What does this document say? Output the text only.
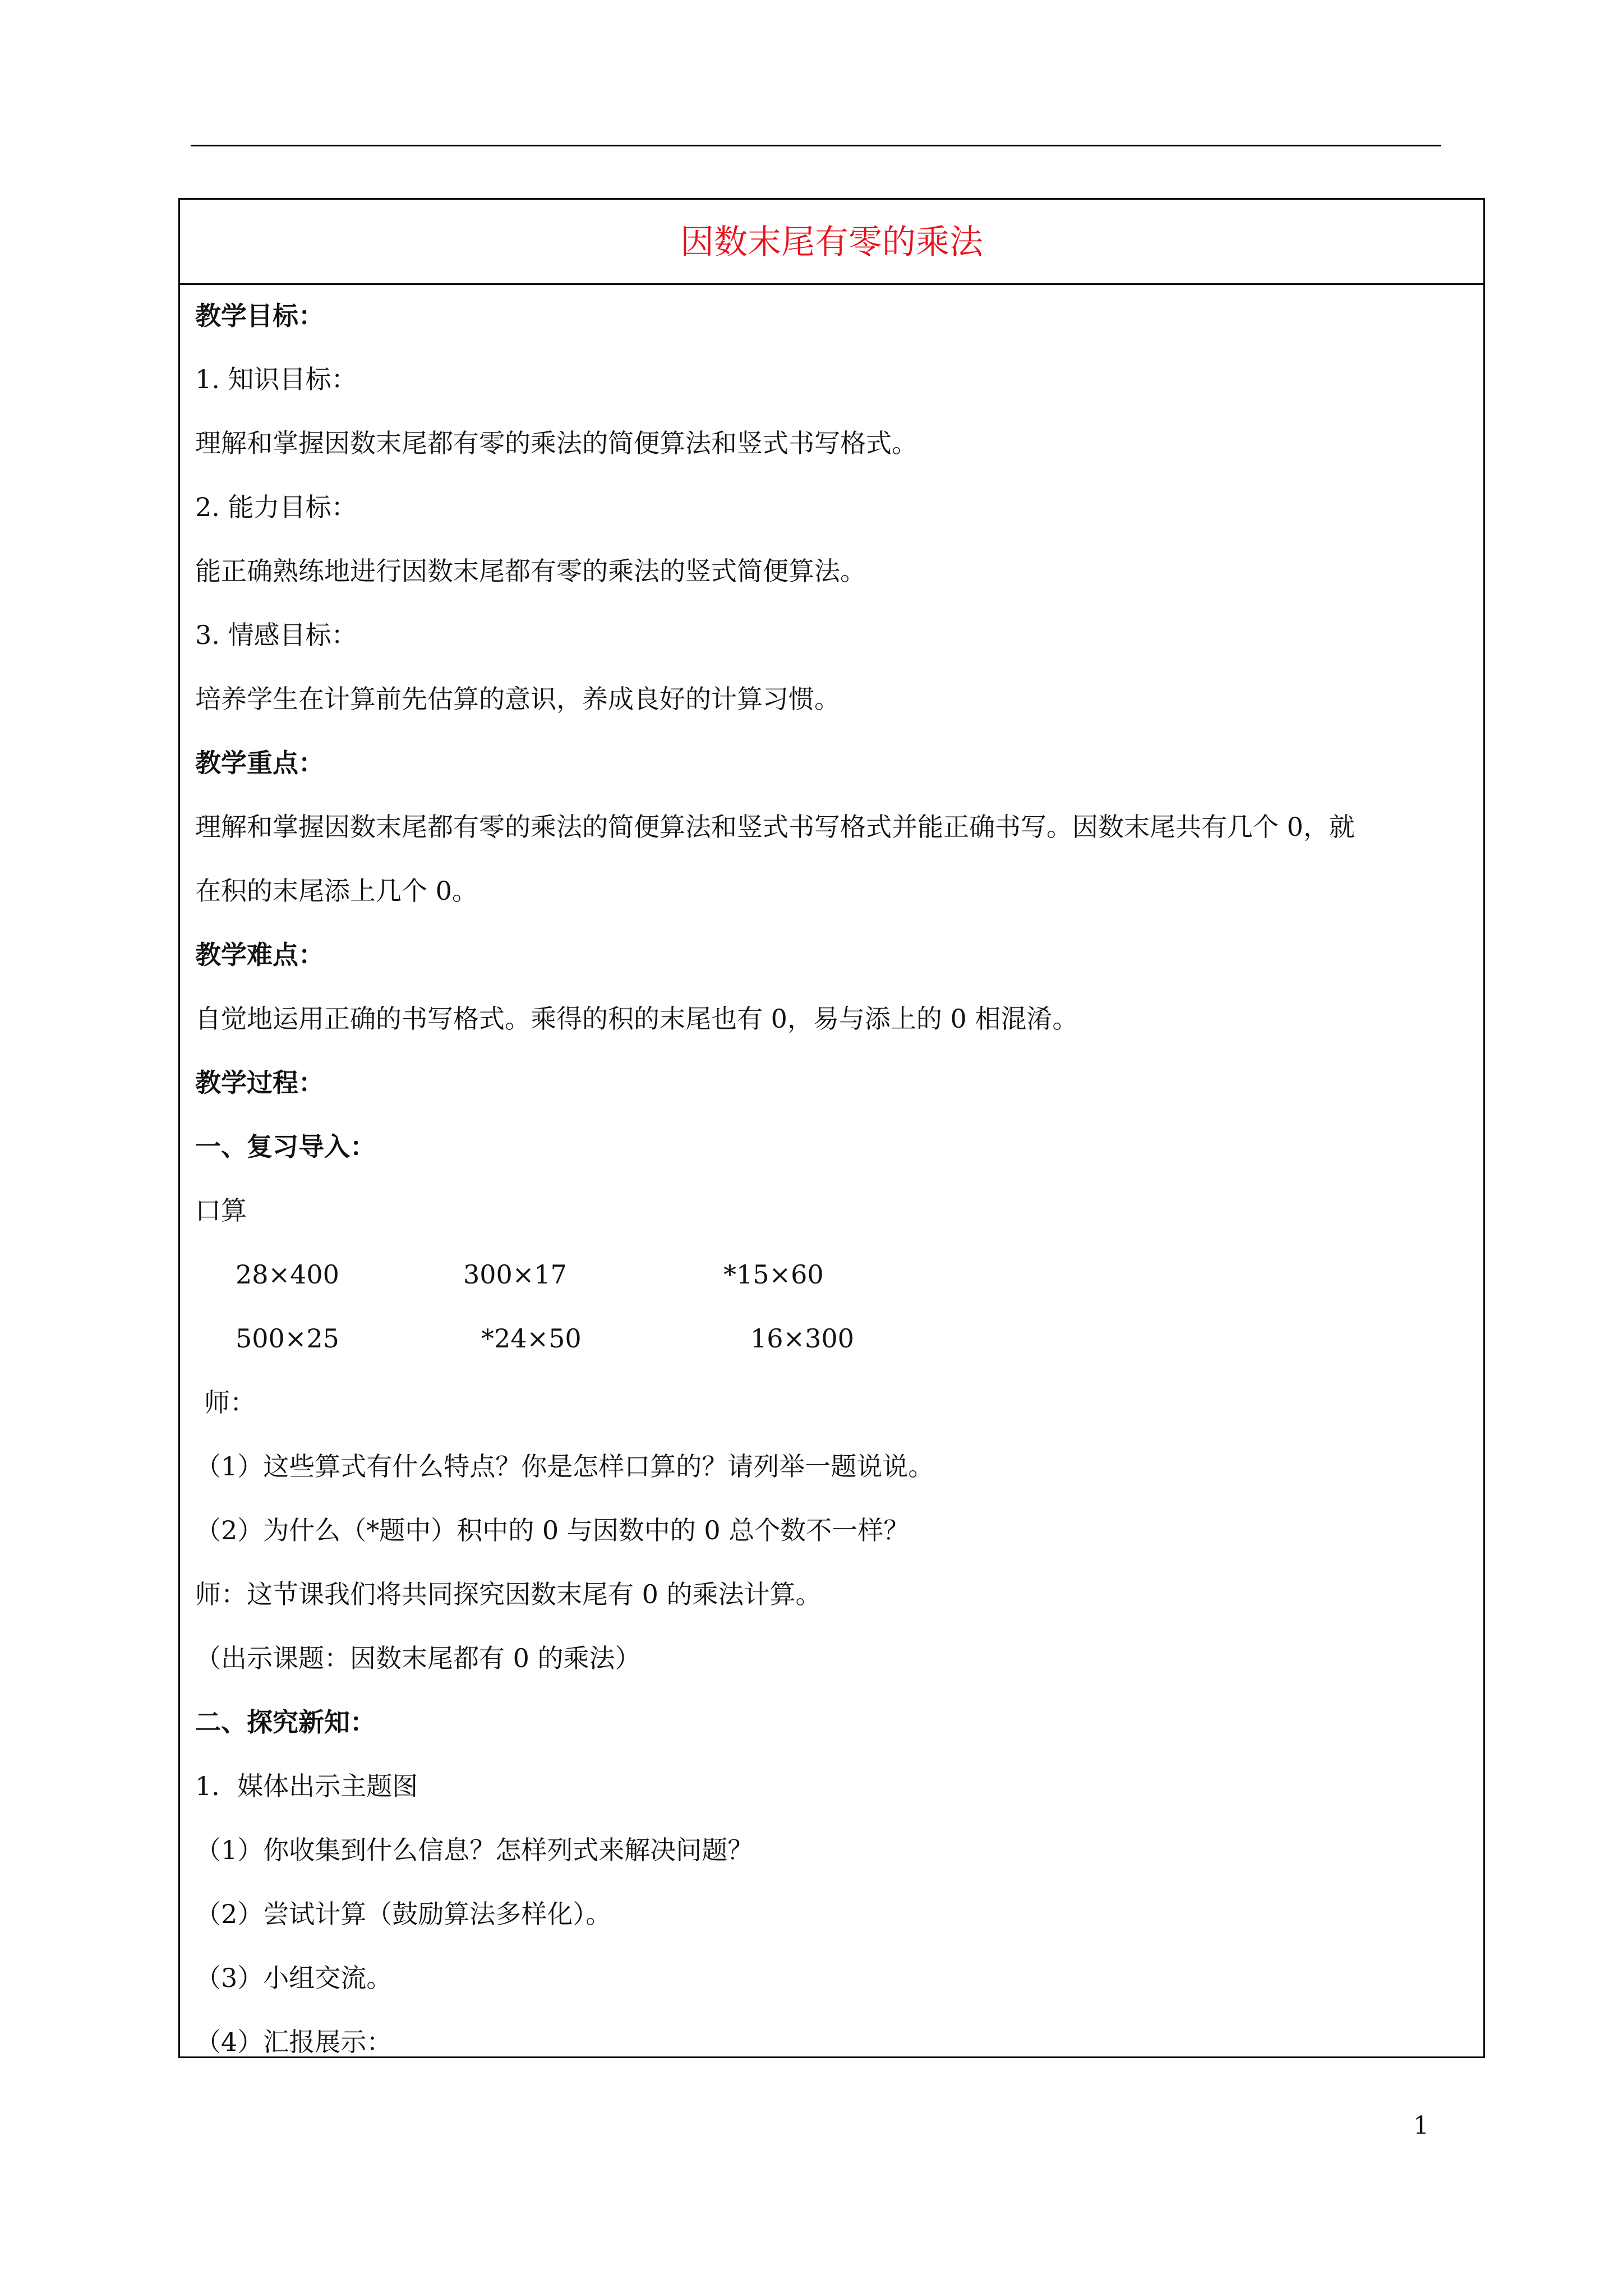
因数末尾有零的乘法
教学目标：
1. 知识目标：
理解和掌握因数末尾都有零的乘法的简便算法和竖式书写格式。
2. 能力目标：
能正确熟练地进行因数末尾都有零的乘法的竖式简便算法。
3. 情感目标：
培养学生在计算前先估算的意识，养成良好的计算习惯。
教学重点：
理解和掌握因数末尾都有零的乘法的简便算法和竖式书写格式并能正确书写。因数末尾共有几个 0，就
在积的末尾添上几个 0。
教学难点：
自觉地运用正确的书写格式。乘得的积的末尾也有 0，易与添上的 0 相混淆。
教学过程：
一、复习导入：
口算
28×400	300×17	*15×60
500×25	*24×50	16×300
师：
（1）这些算式有什么特点？你是怎样口算的？请列举一题说说。
（2）为什么（*题中）积中的 0 与因数中的 0 总个数不一样？
师：这节课我们将共同探究因数末尾有 0 的乘法计算。
（出示课题：因数末尾都有 0 的乘法）
二、探究新知：
1．媒体出示主题图
（1）你收集到什么信息？怎样列式来解决问题？
（2）尝试计算（鼓励算法多样化）。
（3）小组交流。
（4）汇报展示：
1
